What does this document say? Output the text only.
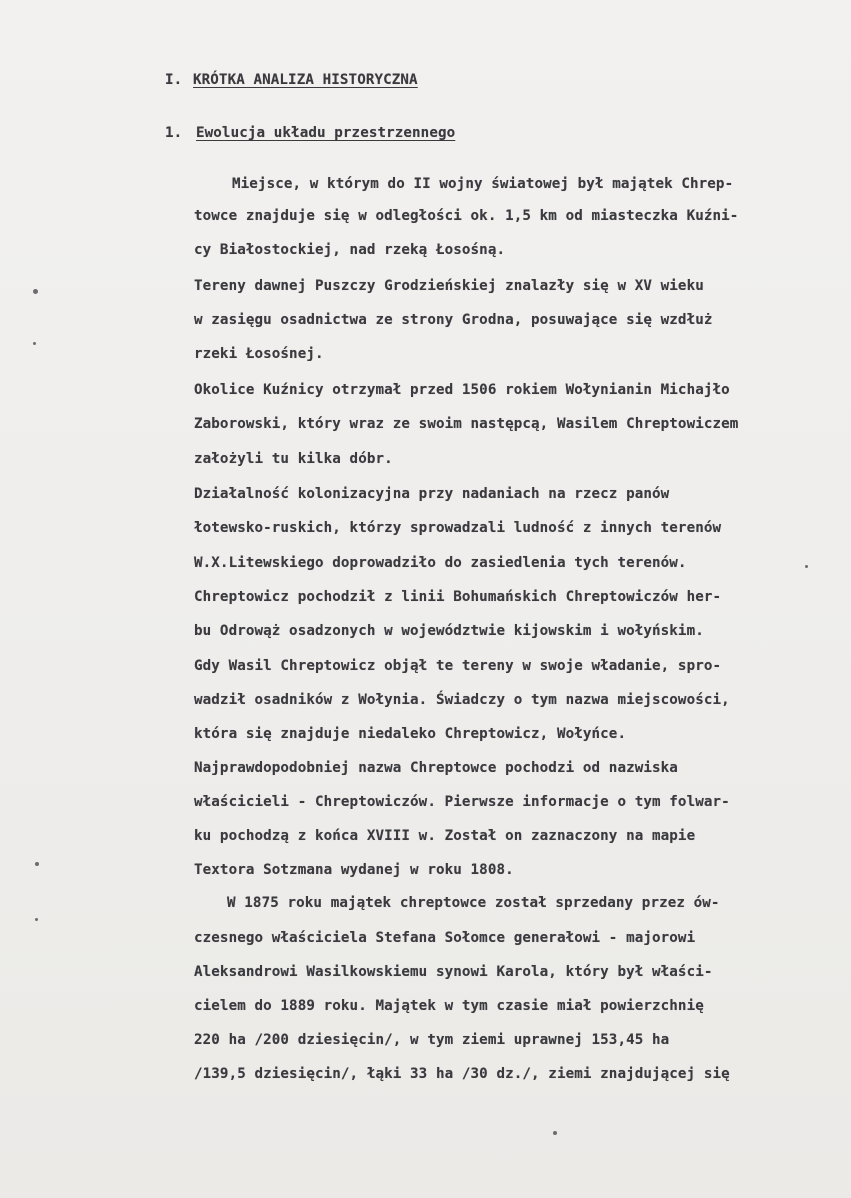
I. KRÓTKA ANALIZA HISTORYCZNA
1. Ewolucja układu przestrzennego
Miejsce, w którym do II wojny światowej był majątek Chrep-
towce znajduje się w odległości ok. 1,5 km od miasteczka Kuźni-
cy Białostockiej, nad rzeką Łosośną.
Tereny dawnej Puszczy Grodzieńskiej znalazły się w XV wieku
w zasięgu osadnictwa ze strony Grodna, posuwające się wzdłuż
rzeki Łosośnej.
Okolice Kuźnicy otrzymał przed 1506 rokiem Wołynianin Michajło
Zaborowski, który wraz ze swoim następcą, Wasilem Chreptowiczem
założyli tu kilka dóbr.
Działalność kolonizacyjna przy nadaniach na rzecz panów
łotewsko-ruskich, którzy sprowadzali ludność z innych terenów
W.X.Litewskiego doprowadziło do zasiedlenia tych terenów.
Chreptowicz pochodził z linii Bohumańskich Chreptowiczów her-
bu Odrowąż osadzonych w województwie kijowskim i wołyńskim.
Gdy Wasil Chreptowicz objął te tereny w swoje władanie, spro-
wadził osadników z Wołynia. Świadczy o tym nazwa miejscowości,
która się znajduje niedaleko Chreptowicz, Wołyńce.
Najprawdopodobniej nazwa Chreptowce pochodzi od nazwiska
właścicieli - Chreptowiczów. Pierwsze informacje o tym folwar-
ku pochodzą z końca XVIII w. Został on zaznaczony na mapie
Textora Sotzmana wydanej w roku 1808.
W 1875 roku majątek chreptowce został sprzedany przez ów-
czesnego właściciela Stefana Sołomce generałowi - majorowi
Aleksandrowi Wasilkowskiemu synowi Karola, który był właści-
cielem do 1889 roku. Majątek w tym czasie miał powierzchnię
220 ha /200 dziesięcin/, w tym ziemi uprawnej 153,45 ha
/139,5 dziesięcin/, łąki 33 ha /30 dz./, ziemi znajdującej się
